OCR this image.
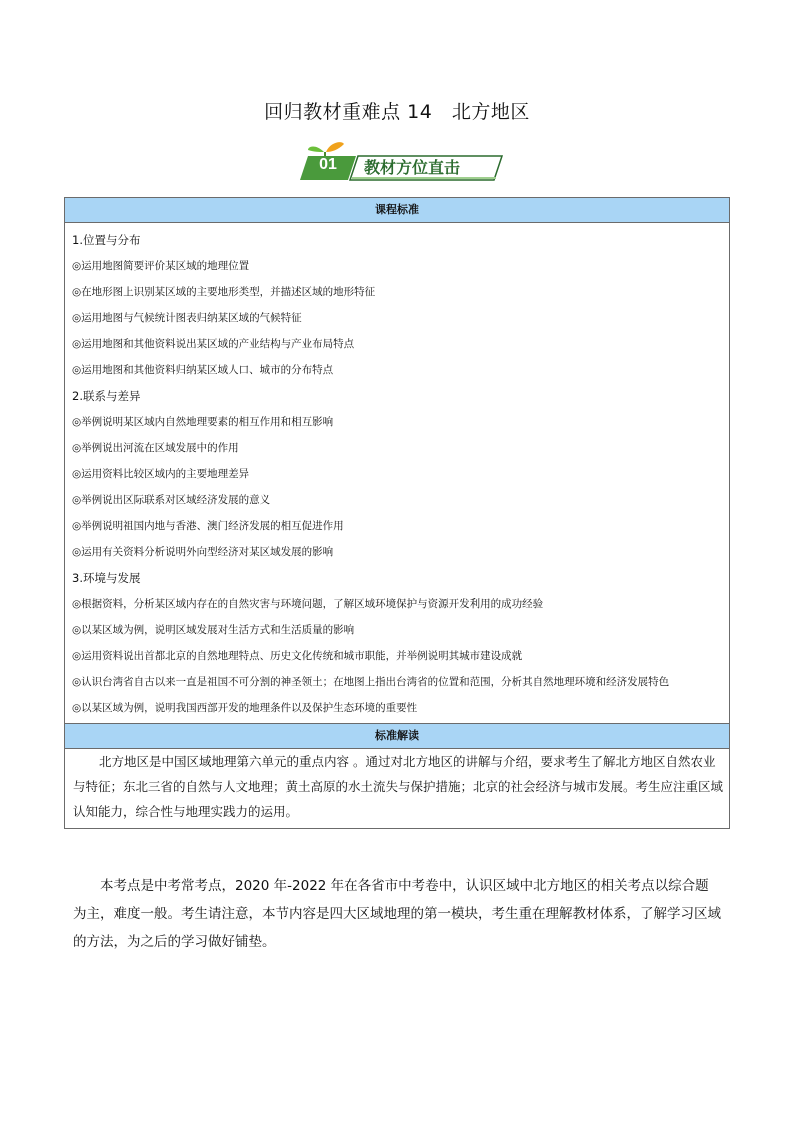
回归教材重难点 14　北方地区
01	教材方位直击
课程标准
1.位置与分布
◎运用地图简要评价某区域的地理位置
◎在地形图上识别某区域的主要地形类型，并描述区域的地形特征
◎运用地图与气候统计图表归纳某区域的气候特征
◎运用地图和其他资料说出某区域的产业结构与产业布局特点
◎运用地图和其他资料归纳某区域人口、城市的分布特点
2.联系与差异
◎举例说明某区域内自然地理要素的相互作用和相互影响
◎举例说出河流在区域发展中的作用
◎运用资料比较区域内的主要地理差异
◎举例说出区际联系对区域经济发展的意义
◎举例说明祖国内地与香港、澳门经济发展的相互促进作用
◎运用有关资料分析说明外向型经济对某区域发展的影响
3.环境与发展
◎根据资料，分析某区域内存在的自然灾害与环境问题，了解区域环境保护与资源开发利用的成功经验
◎以某区域为例，说明区域发展对生活方式和生活质量的影响
◎运用资料说出首都北京的自然地理特点、历史文化传统和城市职能，并举例说明其城市建设成就
◎认识台湾省自古以来一直是祖国不可分割的神圣领土；在地图上指出台湾省的位置和范围，分析其自然地理环境和经济发展特色
◎以某区域为例，说明我国西部开发的地理条件以及保护生态环境的重要性
标准解读
北方地区是中国区域地理第六单元的重点内容 。通过对北方地区的讲解与介绍，要求考生了解北方地区自然农业与特征；东北三省的自然与人文地理；黄土高原的水土流失与保护措施；北京的社会经济与城市发展。考生应注重区域认知能力，综合性与地理实践力的运用。
本考点是中考常考点，2020 年-2022 年在各省市中考卷中，认识区域中北方地区的相关考点以综合题为主，难度一般。考生请注意，本节内容是四大区域地理的第一模块，考生重在理解教材体系，了解学习区域的方法，为之后的学习做好铺垫。
